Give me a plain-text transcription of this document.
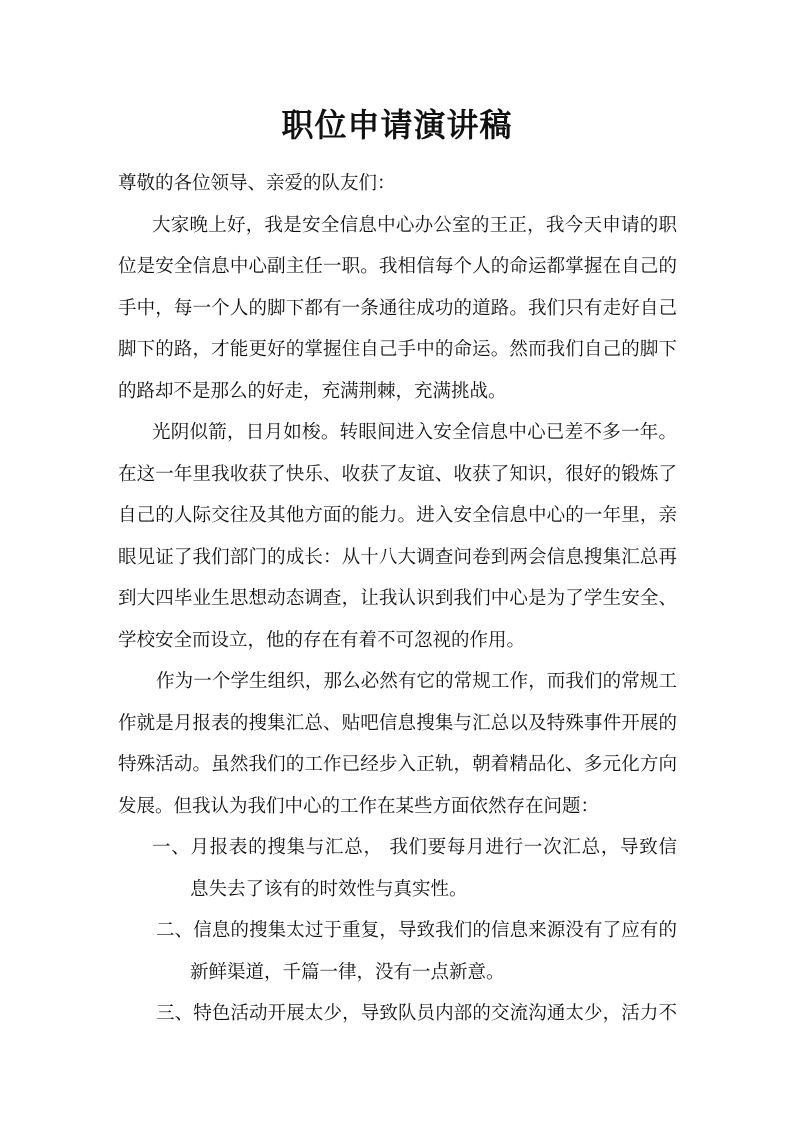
职位申请演讲稿
尊敬的各位领导、亲爱的队友们：
大家晚上好，我是安全信息中心办公室的王正，我今天申请的职
位是安全信息中心副主任一职。我相信每个人的命运都掌握在自己的
手中，每一个人的脚下都有一条通往成功的道路。我们只有走好自己
脚下的路，才能更好的掌握住自己手中的命运。然而我们自己的脚下
的路却不是那么的好走，充满荆棘，充满挑战。
光阴似箭，日月如梭。转眼间进入安全信息中心已差不多一年。
在这一年里我收获了快乐、收获了友谊、收获了知识，很好的锻炼了
自己的人际交往及其他方面的能力。进入安全信息中心的一年里，亲
眼见证了我们部门的成长：从十八大调查问卷到两会信息搜集汇总再
到大四毕业生思想动态调查，让我认识到我们中心是为了学生安全、
学校安全而设立，他的存在有着不可忽视的作用。
作为一个学生组织，那么必然有它的常规工作，而我们的常规工
作就是月报表的搜集汇总、贴吧信息搜集与汇总以及特殊事件开展的
特殊活动。虽然我们的工作已经步入正轨，朝着精品化、多元化方向
发展。但我认为我们中心的工作在某些方面依然存在问题：
一、月报表的搜集与汇总， 我们要每月进行一次汇总，导致信
息失去了该有的时效性与真实性。
二、信息的搜集太过于重复，导致我们的信息来源没有了应有的
新鲜渠道，千篇一律，没有一点新意。
三、特色活动开展太少，导致队员内部的交流沟通太少，活力不
